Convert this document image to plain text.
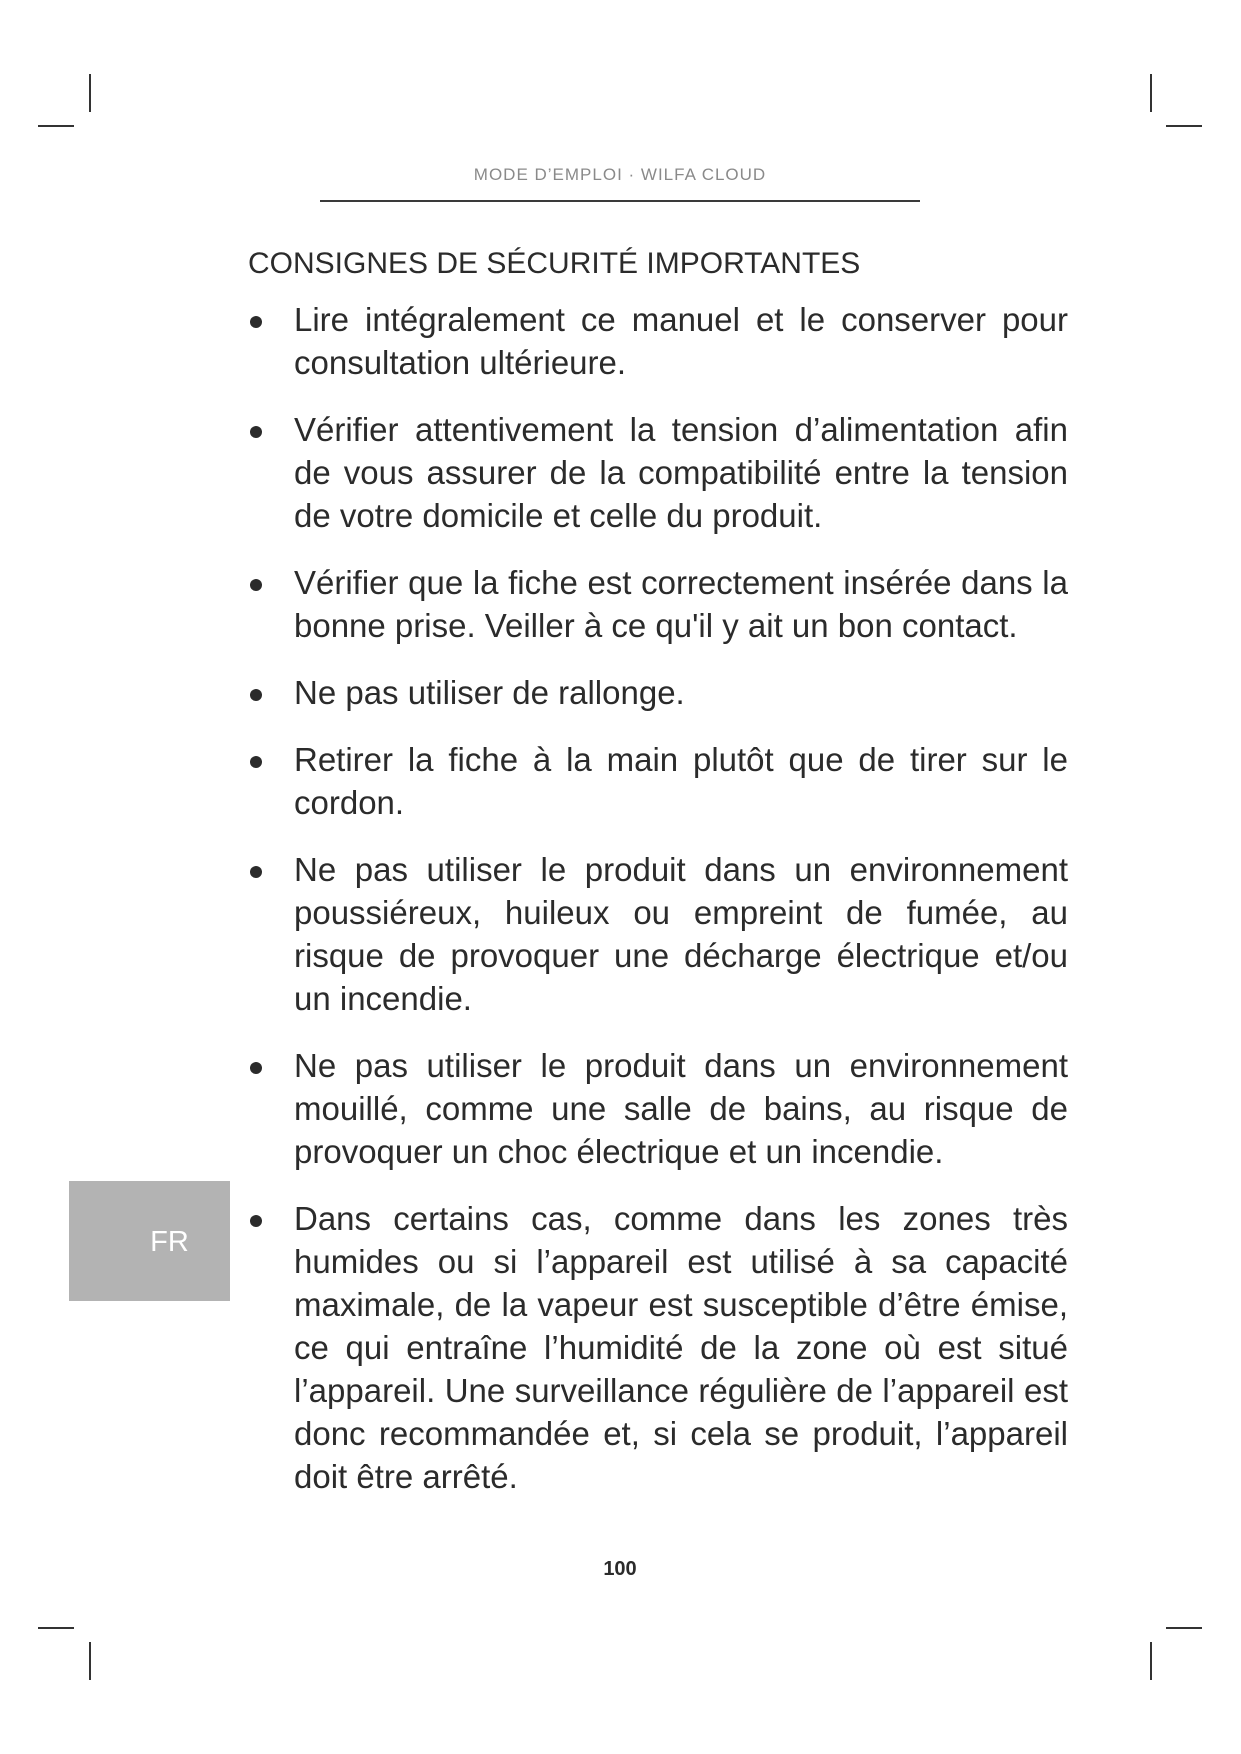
MODE D’EMPLOI · WILFA CLOUD
CONSIGNES DE SÉCURITÉ IMPORTANTES
Lire intégralement ce manuel et le conserver pour consultation ultérieure.
Vérifier attentivement la tension d’alimentation afin de vous assurer de la compatibilité entre la tension de votre domicile et celle du produit.
Vérifier que la fiche est correctement insérée dans la bonne prise. Veiller à ce qu'il y ait un bon contact.
Ne pas utiliser de rallonge.
Retirer la fiche à la main plutôt que de tirer sur le cordon.
Ne pas utiliser le produit dans un environnement poussiéreux, huileux ou empreint de fumée, au risque de provoquer une décharge électrique et/ou un incendie.
Ne pas utiliser le produit dans un environnement mouillé, comme une salle de bains, au risque de provoquer un choc électrique et un incendie.
Dans certains cas, comme dans les zones très humides ou si l’appareil est utilisé à sa capacité maximale, de la vapeur est susceptible d’être émise, ce qui entraîne l’humidité de la zone où est situé l’appareil. Une surveillance régulière de l’appareil est donc recommandée et, si cela se produit, l’appareil doit être arrêté.
FR
100
